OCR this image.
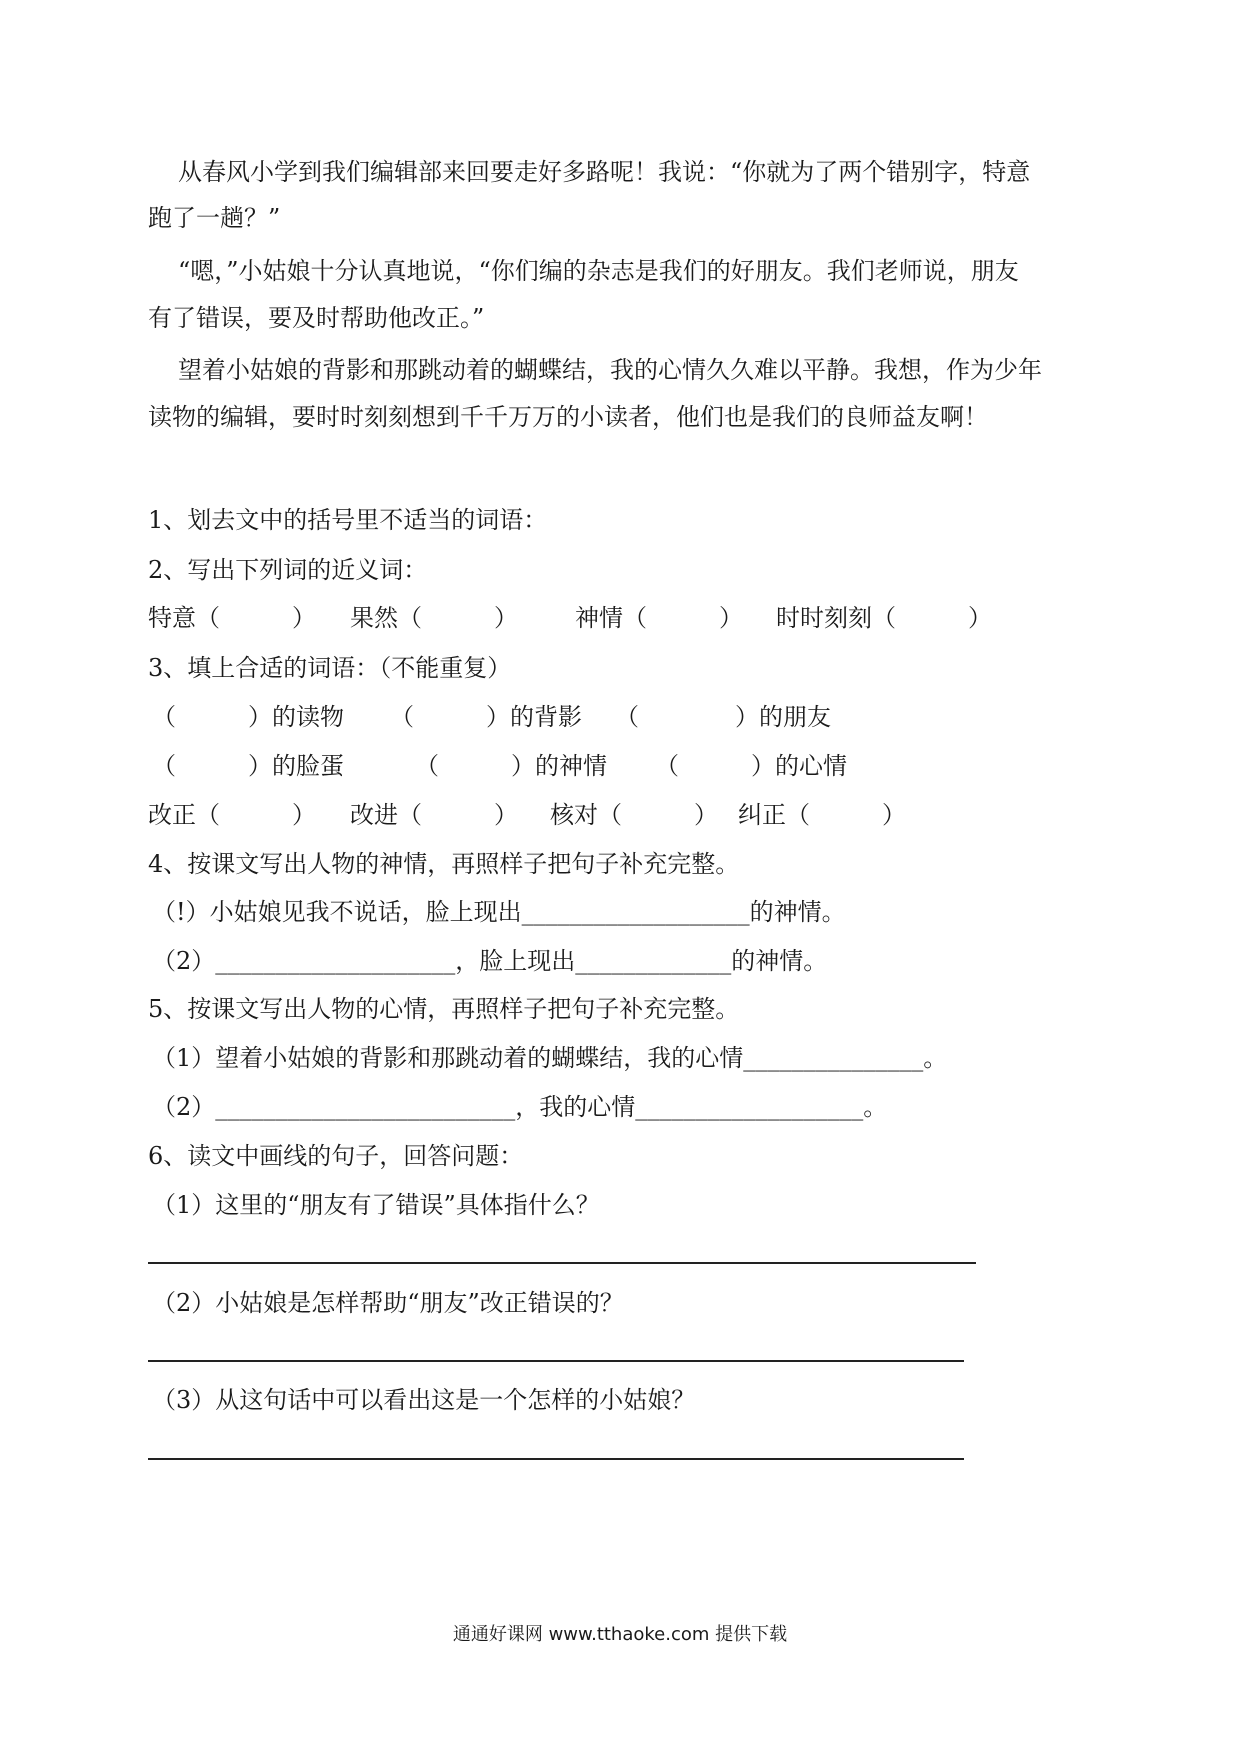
从春风小学到我们编辑部来回要走好多路呢！我说：“你就为了两个错别字，特意
跑了一趟？”
“嗯，”小姑娘十分认真地说，“你们编的杂志是我们的好朋友。我们老师说，朋友
有了错误，要及时帮助他改正。”
望着小姑娘的背影和那跳动着的蝴蝶结，我的心情久久难以平静。我想，作为少年
读物的编辑，要时时刻刻想到千千万万的小读者，他们也是我们的良师益友啊！
1、划去文中的括号里不适当的词语：
2、写出下列词的近义词：
特意（　　　） 果然（　　　） 神情（　　　） 时时刻刻（　　　）
3、填上合适的词语：（不能重复）
（　　　）的读物 （　　　）的背影 （　　　　）的朋友
（　　　）的脸蛋	（　　　）的神情 （　　　）的心情
改正（　　　） 改进（　　　） 核对（　　　） 纠正（　　　）
4、按课文写出人物的神情，再照样子把句子补充完整。
（!）小姑娘见我不说话，脸上现出___________________的神情。
（2）____________________，脸上现出_____________的神情。
5、按课文写出人物的心情，再照样子把句子补充完整。
（1）望着小姑娘的背影和那跳动着的蝴蝶结，我的心情_______________。
（2）_________________________，我的心情___________________。
6、读文中画线的句子，回答问题：
（1）这里的“朋友有了错误”具体指什么？
（2）小姑娘是怎样帮助“朋友”改正错误的？
（3）从这句话中可以看出这是一个怎样的小姑娘？
通通好课网 www.tthaoke.com 提供下载
